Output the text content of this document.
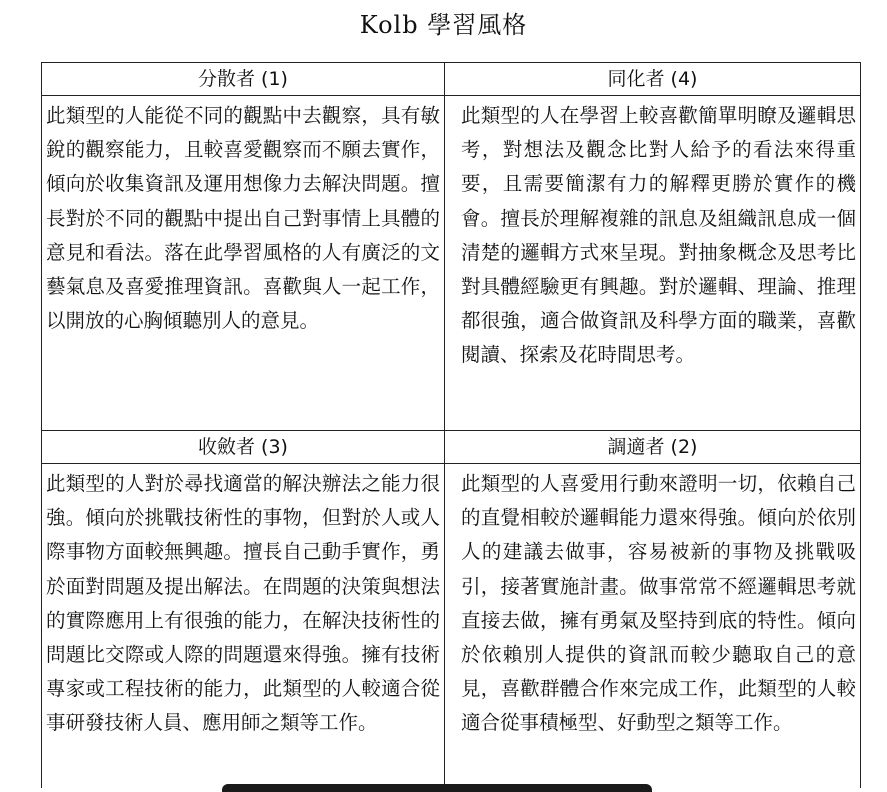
Kolb 學習風格
分散者 (1)
此類型的人能從不同的觀點中去觀察，具有敏銳的觀察能力，且較喜愛觀察而不願去實作，傾向於收集資訊及運用想像力去解決問題。擅長對於不同的觀點中提出自己對事情上具體的意見和看法。落在此學習風格的人有廣泛的文藝氣息及喜愛推理資訊。喜歡與人一起工作，以開放的心胸傾聽別人的意見。
同化者 (4)
此類型的人在學習上較喜歡簡單明瞭及邏輯思考，對想法及觀念比對人給予的看法來得重要，且需要簡潔有力的解釋更勝於實作的機會。擅長於理解複雜的訊息及組織訊息成一個清楚的邏輯方式來呈現。對抽象概念及思考比對具體經驗更有興趣。對於邏輯、理論、推理都很強，適合做資訊及科學方面的職業，喜歡閱讀、探索及花時間思考。
收斂者 (3)
此類型的人對於尋找適當的解決辦法之能力很強。傾向於挑戰技術性的事物，但對於人或人際事物方面較無興趣。擅長自己動手實作，勇於面對問題及提出解法。在問題的決策與想法的實際應用上有很強的能力，在解決技術性的問題比交際或人際的問題還來得強。擁有技術專家或工程技術的能力，此類型的人較適合從事研發技術人員、應用師之類等工作。
調適者 (2)
此類型的人喜愛用行動來證明一切，依賴自己的直覺相較於邏輯能力還來得強。傾向於依別人的建議去做事，容易被新的事物及挑戰吸引，接著實施計畫。做事常常不經邏輯思考就直接去做，擁有勇氣及堅持到底的特性。傾向於依賴別人提供的資訊而較少聽取自己的意見，喜歡群體合作來完成工作，此類型的人較適合從事積極型、好動型之類等工作。
